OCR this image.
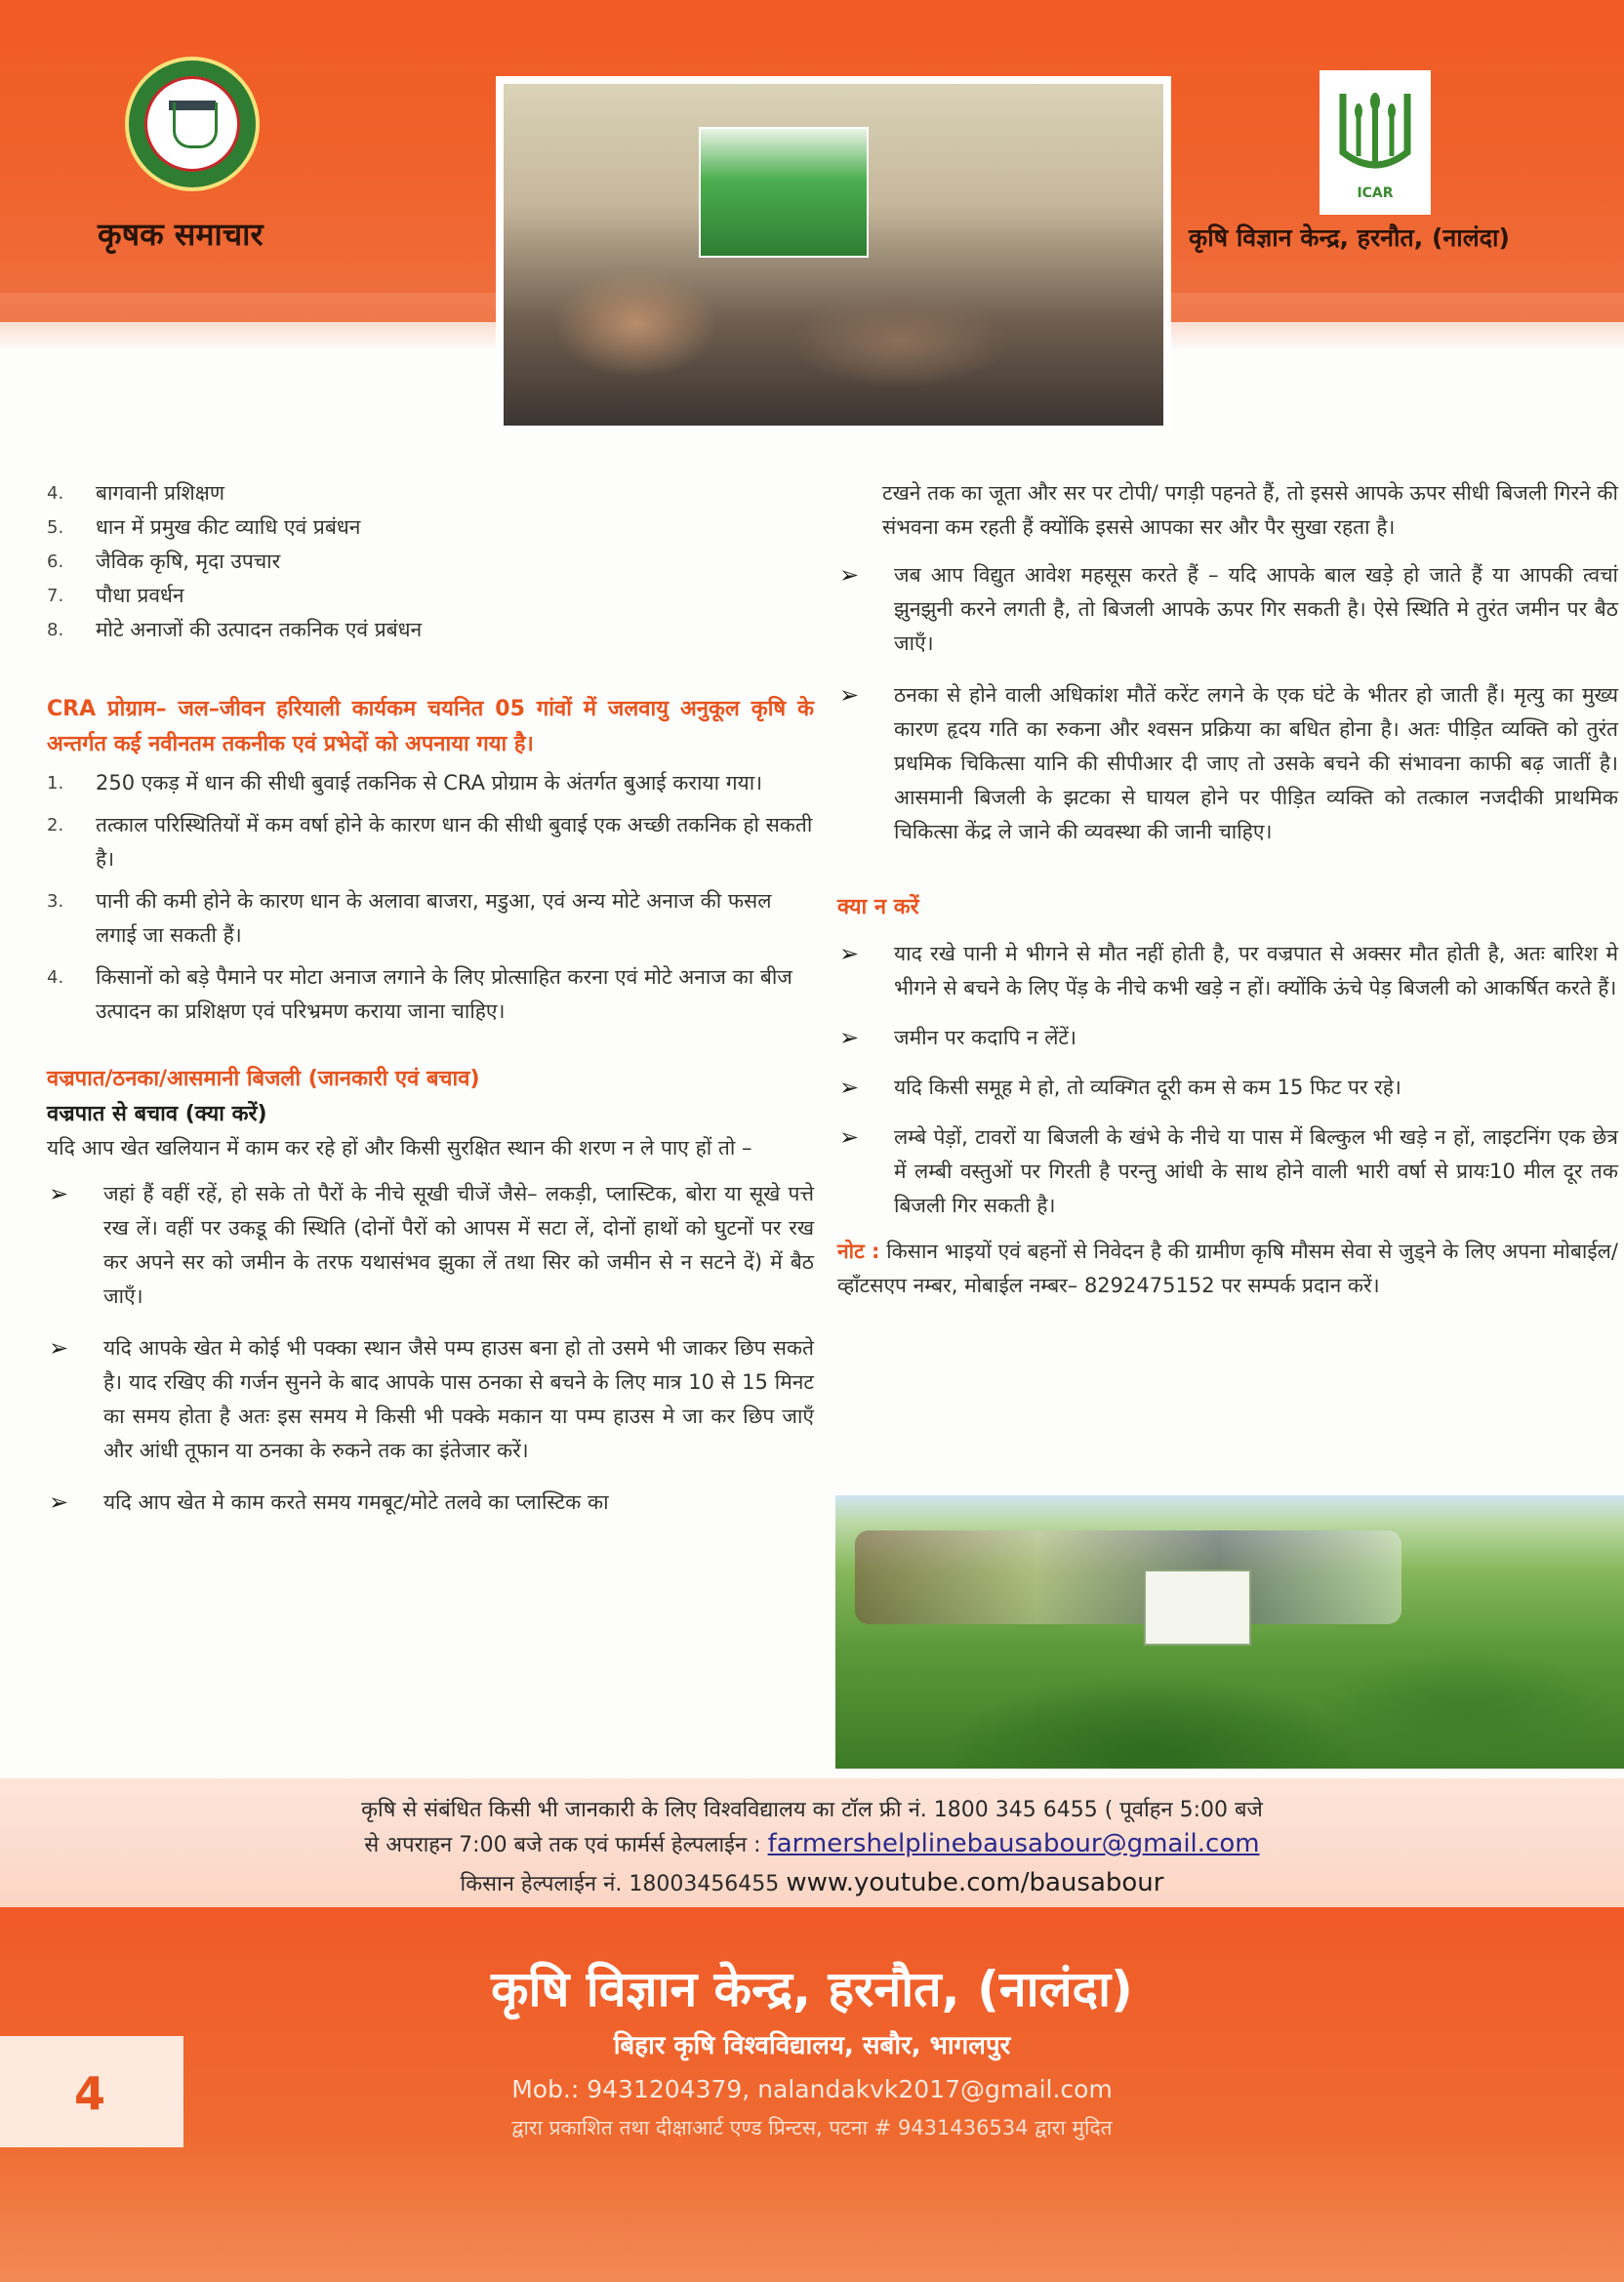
कृषक समाचार
ICAR
कृषि विज्ञान केन्द्र, हरनौत, (नालंदा)
4.	बागवानी प्रशिक्षण
5.	धान में प्रमुख कीट व्याधि एवं प्रबंधन
6.	जैविक कृषि, मृदा उपचार
7.	पौधा प्रवर्धन
8.	मोटे अनाजों की उत्पादन तकनिक एवं प्रबंधन

CRA प्रोग्राम– जल–जीवन हरियाली कार्यकम चयनित 05 गांवों में जलवायु अनुकूल कृषि के अन्तर्गत कई नवीनतम तकनीक एवं प्रभेदों को अपनाया गया है।

1.	250 एकड़ में धान की सीधी बुवाई तकनिक से CRA प्रोग्राम के अंतर्गत बुआई कराया गया।
2.	तत्काल परिस्थितियों में कम वर्षा होने के कारण धान की सीधी बुवाई एक अच्छी तकनिक हो सकती है।
3.	पानी की कमी होने के कारण धान के अलावा बाजरा, मडुआ, एवं अन्य मोटे अनाज की फसल लगाई जा सकती हैं।
4.	किसानों को बड़े पैमाने पर मोटा अनाज लगाने के लिए प्रोत्साहित करना एवं मोटे अनाज का बीज उत्पादन का प्रशिक्षण एवं परिभ्रमण कराया जाना चाहिए।

वज्रपात/ठनका/आसमानी बिजली (जानकारी एवं बचाव)

वज्रपात से बचाव (क्या करें)

यदि आप खेत खलियान में काम कर रहे हों और किसी सुरक्षित स्थान की शरण न ले पाए हों तो –

➢ जहां हैं वहीं रहें, हो सके तो पैरों के नीचे सूखी चीजें जैसे– लकड़ी, प्लास्टिक, बोरा या सूखे पत्ते रख लें। वहीं पर उकडू की स्थिति (दोनों पैरों को आपस में सटा लें, दोनों हाथों को घुटनों पर रख कर अपने सर को जमीन के तरफ यथासंभव झुका लें तथा सिर को जमीन से न सटने दें) में बैठ जाएँ।
➢ यदि आपके खेत मे कोई भी पक्का स्थान जैसे पम्प हाउस बना हो तो उसमे भी जाकर छिप सकते है। याद रखिए की गर्जन सुनने के बाद आपके पास ठनका से बचने के लिए मात्र 10 से 15 मिनट का समय होता है अतः इस समय मे किसी भी पक्के मकान या पम्प हाउस मे जा कर छिप जाएँ और आंधी तूफान या ठनका के रुकने तक का इंतेजार करें।
➢ यदि आप खेत मे काम करते समय गमबूट/मोटे तलवे का प्लास्टिक का

टखने तक का जूता और सर पर टोपी/ पगड़ी पहनते हैं, तो इससे आपके ऊपर सीधी बिजली गिरने की संभवना कम रहती हैं क्योंकि इससे आपका सर और पैर सुखा रहता है।

➢ जब आप विद्युत आवेश महसूस करते हैं – यदि आपके बाल खड़े हो जाते हैं या आपकी त्वचां झुनझुनी करने लगती है, तो बिजली आपके ऊपर गिर सकती है। ऐसे स्थिति मे तुरंत जमीन पर बैठ जाएँ।
➢ ठनका से होने वाली अधिकांश मौतें करेंट लगने के एक घंटे के भीतर हो जाती हैं। मृत्यु का मुख्य कारण हृदय गति का रुकना और श्वसन प्रक्रिया का बधित होना है। अतः पीड़ित व्यक्ति को तुरंत प्रधमिक चिकित्सा यानि की सीपीआर दी जाए तो उसके बचने की संभावना काफी बढ़ जातीं है। आसमानी बिजली के झटका से घायल होने पर पीड़ित व्यक्ति को तत्काल नजदीकी प्राथमिक चिकित्सा केंद्र ले जाने की व्यवस्था की जानी चाहिए।

क्या न करें

➢ याद रखे पानी मे भीगने से मौत नहीं होती है, पर वज्रपात से अक्सर मौत होती है, अतः बारिश मे भीगने से बचने के लिए पेंड़ के नीचे कभी खड़े न हों। क्योंकि ऊंचे पेड़ बिजली को आकर्षित करते हैं।
➢ जमीन पर कदापि न लेंटें।
➢ यदि किसी समूह मे हो, तो व्यक्गित दूरी कम से कम 15 फिट पर रहे।
➢ लम्बे पेड़ों, टावरों या बिजली के खंभे के नीचे या पास में बिल्कुल भी खड़े न हों, लाइटनिंग एक छेत्र में लम्बी वस्तुओं पर गिरती है परन्तु आंधी के साथ होने वाली भारी वर्षा से प्रायः10 मील दूर तक बिजली गिर सकती है।

नोट : किसान भाइयों एवं बहनों से निवेदन है की ग्रामीण कृषि मौसम सेवा से जुड्ने के लिए अपना मोबाईल/व्हाँटसएप नम्बर, मोबाईल नम्बर– 8292475152 पर सम्पर्क प्रदान करें।

कृषि से संबंधित किसी भी जानकारी के लिए विश्वविद्यालय का टॉल फ्री नं. 1800 345 6455 ( पूर्वाहन 5:00 बजे
से अपराहन 7:00 बजे तक एवं फार्मर्स हेल्पलाईन : farmershelplinebausabour@gmail.com
किसान हेल्पलाईन नं. 18003456455 www.youtube.com/bausabour
कृषि विज्ञान केन्द्र, हरनौत, (नालंदा)
बिहार कृषि विश्वविद्यालय, सबौर, भागलपुर
Mob.: 9431204379, nalandakvk2017@gmail.com
द्वारा प्रकाशित तथा दीक्षाआर्ट एण्ड प्रिन्टस, पटना # 9431436534 द्वारा मुदित
4
